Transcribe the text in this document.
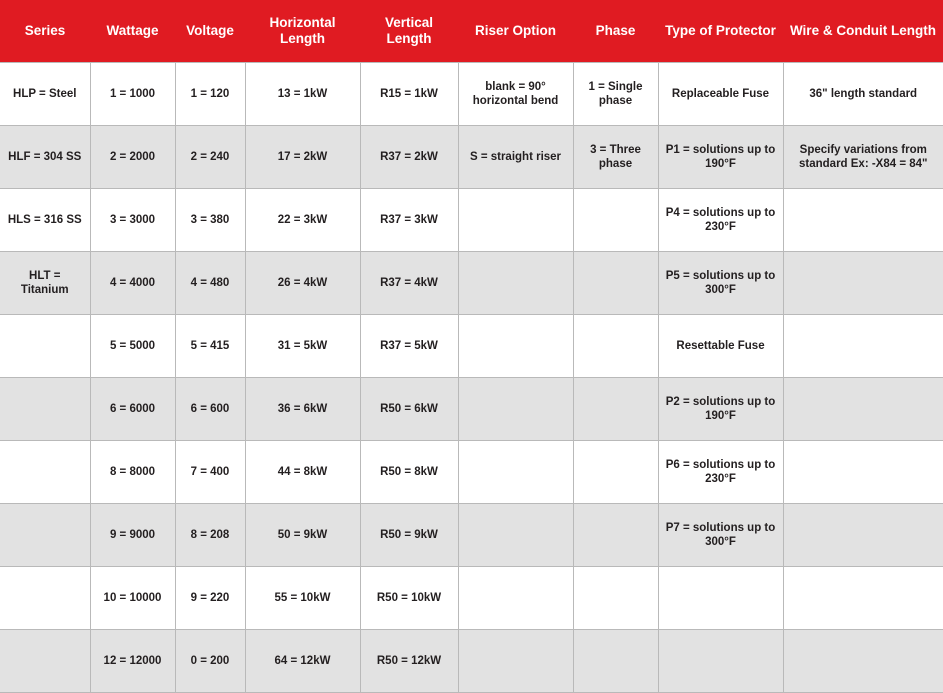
Series	Wattage	Voltage	Horizontal Length	Vertical Length	Riser Option	Phase	Type of Protector	Wire & Conduit Length
HLP = Steel	1 = 1000	1 = 120	13 = 1kW	R15 = 1kW	blank = 90° horizontal bend	1 = Single phase	Replaceable Fuse	36" length standard
HLF = 304 SS	2 = 2000	2 = 240	17 = 2kW	R37 = 2kW	S = straight riser	3 = Three phase	P1 = solutions up to 190°F	Specify variations from standard Ex: -X84 = 84"
HLS = 316 SS	3 = 3000	3 = 380	22 = 3kW	R37 = 3kW			P4 = solutions up to 230°F	
HLT = Titanium	4 = 4000	4 = 480	26 = 4kW	R37 = 4kW			P5 = solutions up to 300°F	
	5 = 5000	5 = 415	31 = 5kW	R37 = 5kW			Resettable Fuse	
	6 = 6000	6 = 600	36 = 6kW	R50 = 6kW			P2 = solutions up to 190°F	
	8 = 8000	7 = 400	44 = 8kW	R50 = 8kW			P6 = solutions up to 230°F	
	9 = 9000	8 = 208	50 = 9kW	R50 = 9kW			P7 = solutions up to 300°F	
	10 = 10000	9 = 220	55 = 10kW	R50 = 10kW				
	12 = 12000	0 = 200	64 = 12kW	R50 = 12kW				
